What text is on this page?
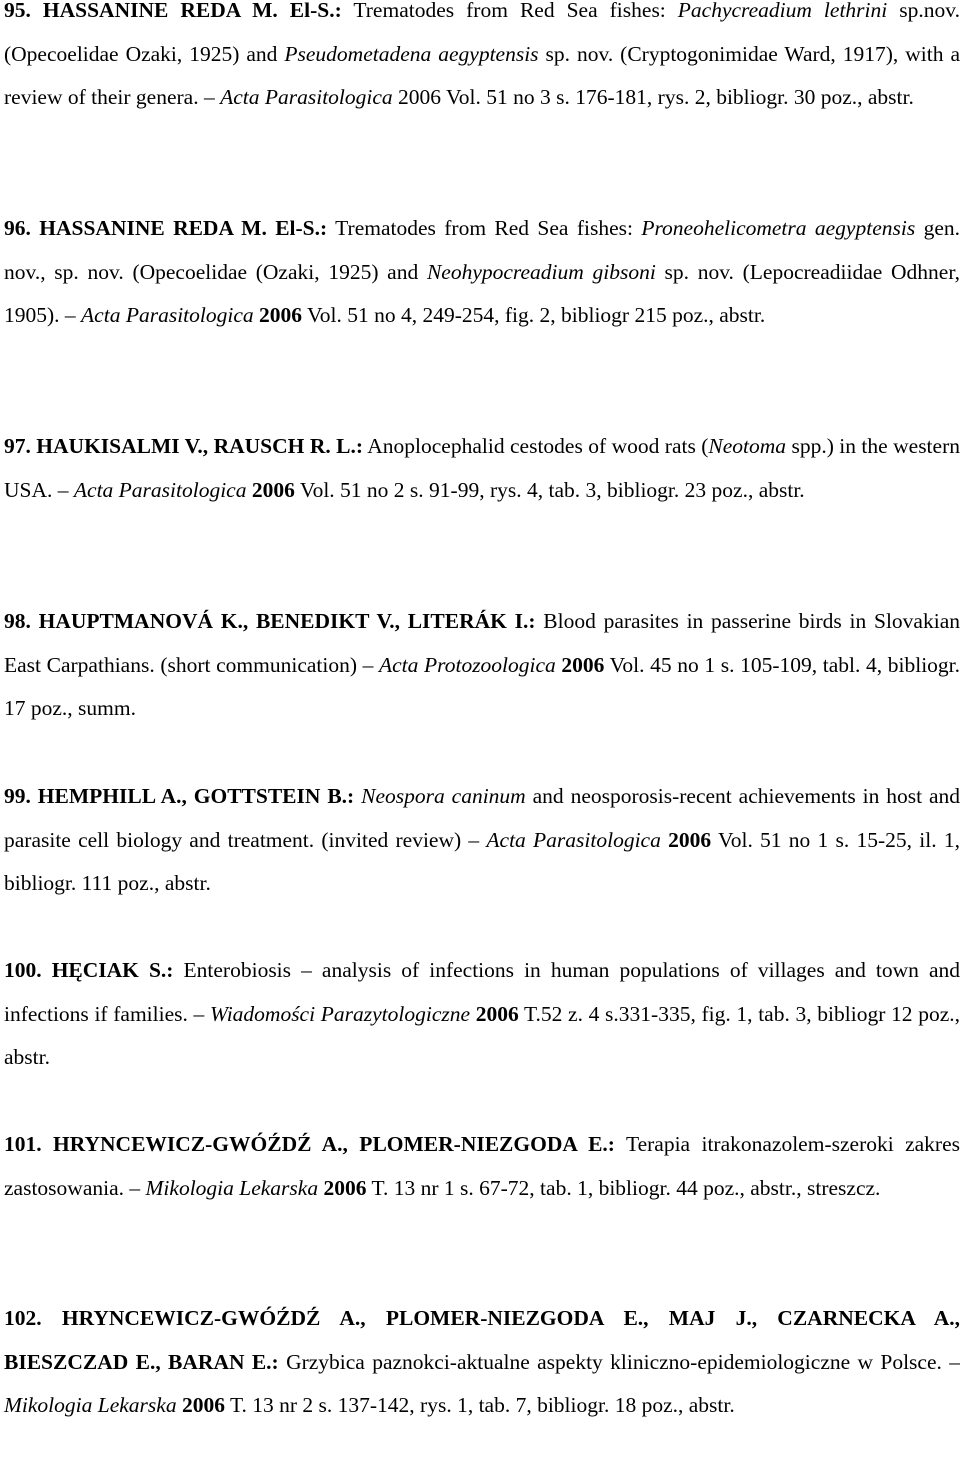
95. HASSANINE REDA M. El-S.: Trematodes from Red Sea fishes: Pachycreadium lethrini sp.nov. (Opecoelidae Ozaki, 1925) and Pseudometadena aegyptensis sp. nov. (Cryptogonimidae Ward, 1917), with a review of their genera. – Acta Parasitologica 2006 Vol. 51 no 3 s. 176-181, rys. 2, bibliogr. 30 poz., abstr.

96. HASSANINE REDA M. El-S.: Trematodes from Red Sea fishes: Proneohelicometra aegyptensis gen. nov., sp. nov. (Opecoelidae (Ozaki, 1925) and Neohypocreadium gibsoni sp. nov. (Lepocreadiidae Odhner, 1905). – Acta Parasitologica 2006 Vol. 51 no 4, 249-254, fig. 2, bibliogr 215 poz., abstr.

97. HAUKISALMI V., RAUSCH R. L.: Anoplocephalid cestodes of wood rats (Neotoma spp.) in the western USA. – Acta Parasitologica 2006 Vol. 51 no 2 s. 91-99, rys. 4, tab. 3, bibliogr. 23 poz., abstr.

98. HAUPTMANOVÁ K., BENEDIKT V., LITERÁK I.: Blood parasites in passerine birds in Slovakian East Carpathians. (short communication) – Acta Protozoologica 2006 Vol. 45 no 1 s. 105-109, tabl. 4, bibliogr. 17 poz., summ.

99. HEMPHILL A., GOTTSTEIN B.: Neospora caninum and neosporosis-recent achievements in host and parasite cell biology and treatment. (invited review) – Acta Parasitologica 2006 Vol. 51 no 1 s. 15-25, il. 1, bibliogr. 111 poz., abstr.

100. HĘCIAK S.: Enterobiosis – analysis of infections in human populations of villages and town and infections if families. – Wiadomości Parazytologiczne 2006 T.52 z. 4 s.331-335, fig. 1, tab. 3, bibliogr 12 poz., abstr.

101. HRYNCEWICZ-GWÓŹDŹ A., PLOMER-NIEZGODA E.: Terapia itrakonazolem-szeroki zakres zastosowania. – Mikologia Lekarska 2006 T. 13 nr 1 s. 67-72, tab. 1, bibliogr. 44 poz., abstr., streszcz.

102. HRYNCEWICZ-GWÓŹDŹ A., PLOMER-NIEZGODA E., MAJ J., CZARNECKA A., BIESZCZAD E., BARAN E.: Grzybica paznokci-aktualne aspekty kliniczno-epidemiologiczne w Polsce. – Mikologia Lekarska 2006 T. 13 nr 2 s. 137-142, rys. 1, tab. 7, bibliogr. 18 poz., abstr.
